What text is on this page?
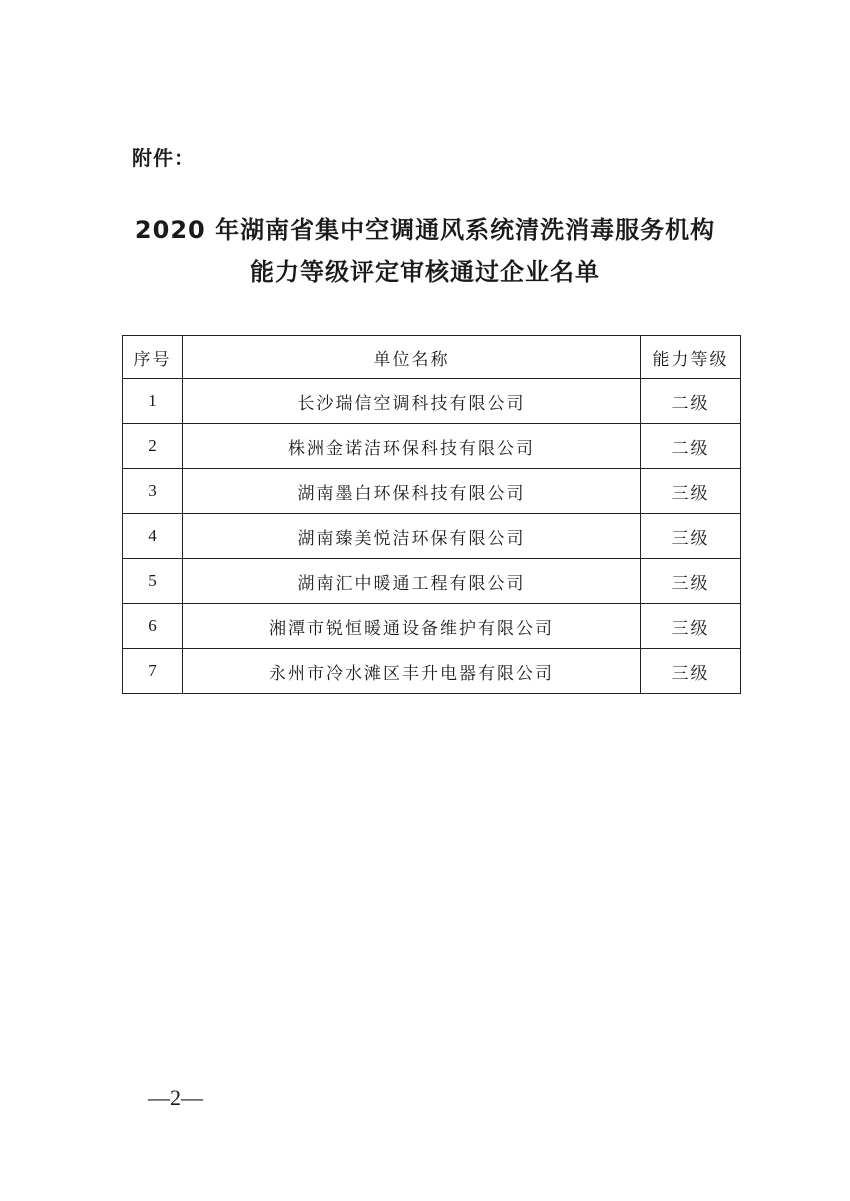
附件：
2020 年湖南省集中空调通风系统清洗消毒服务机构
能力等级评定审核通过企业名单
序号	单位名称	能力等级
1	长沙瑞信空调科技有限公司	二级
2	株洲金诺洁环保科技有限公司	二级
3	湖南墨白环保科技有限公司	三级
4	湖南臻美悦洁环保有限公司	三级
5	湖南汇中暖通工程有限公司	三级
6	湘潭市锐恒暖通设备维护有限公司	三级
7	永州市冷水滩区丰升电器有限公司	三级
—2—
